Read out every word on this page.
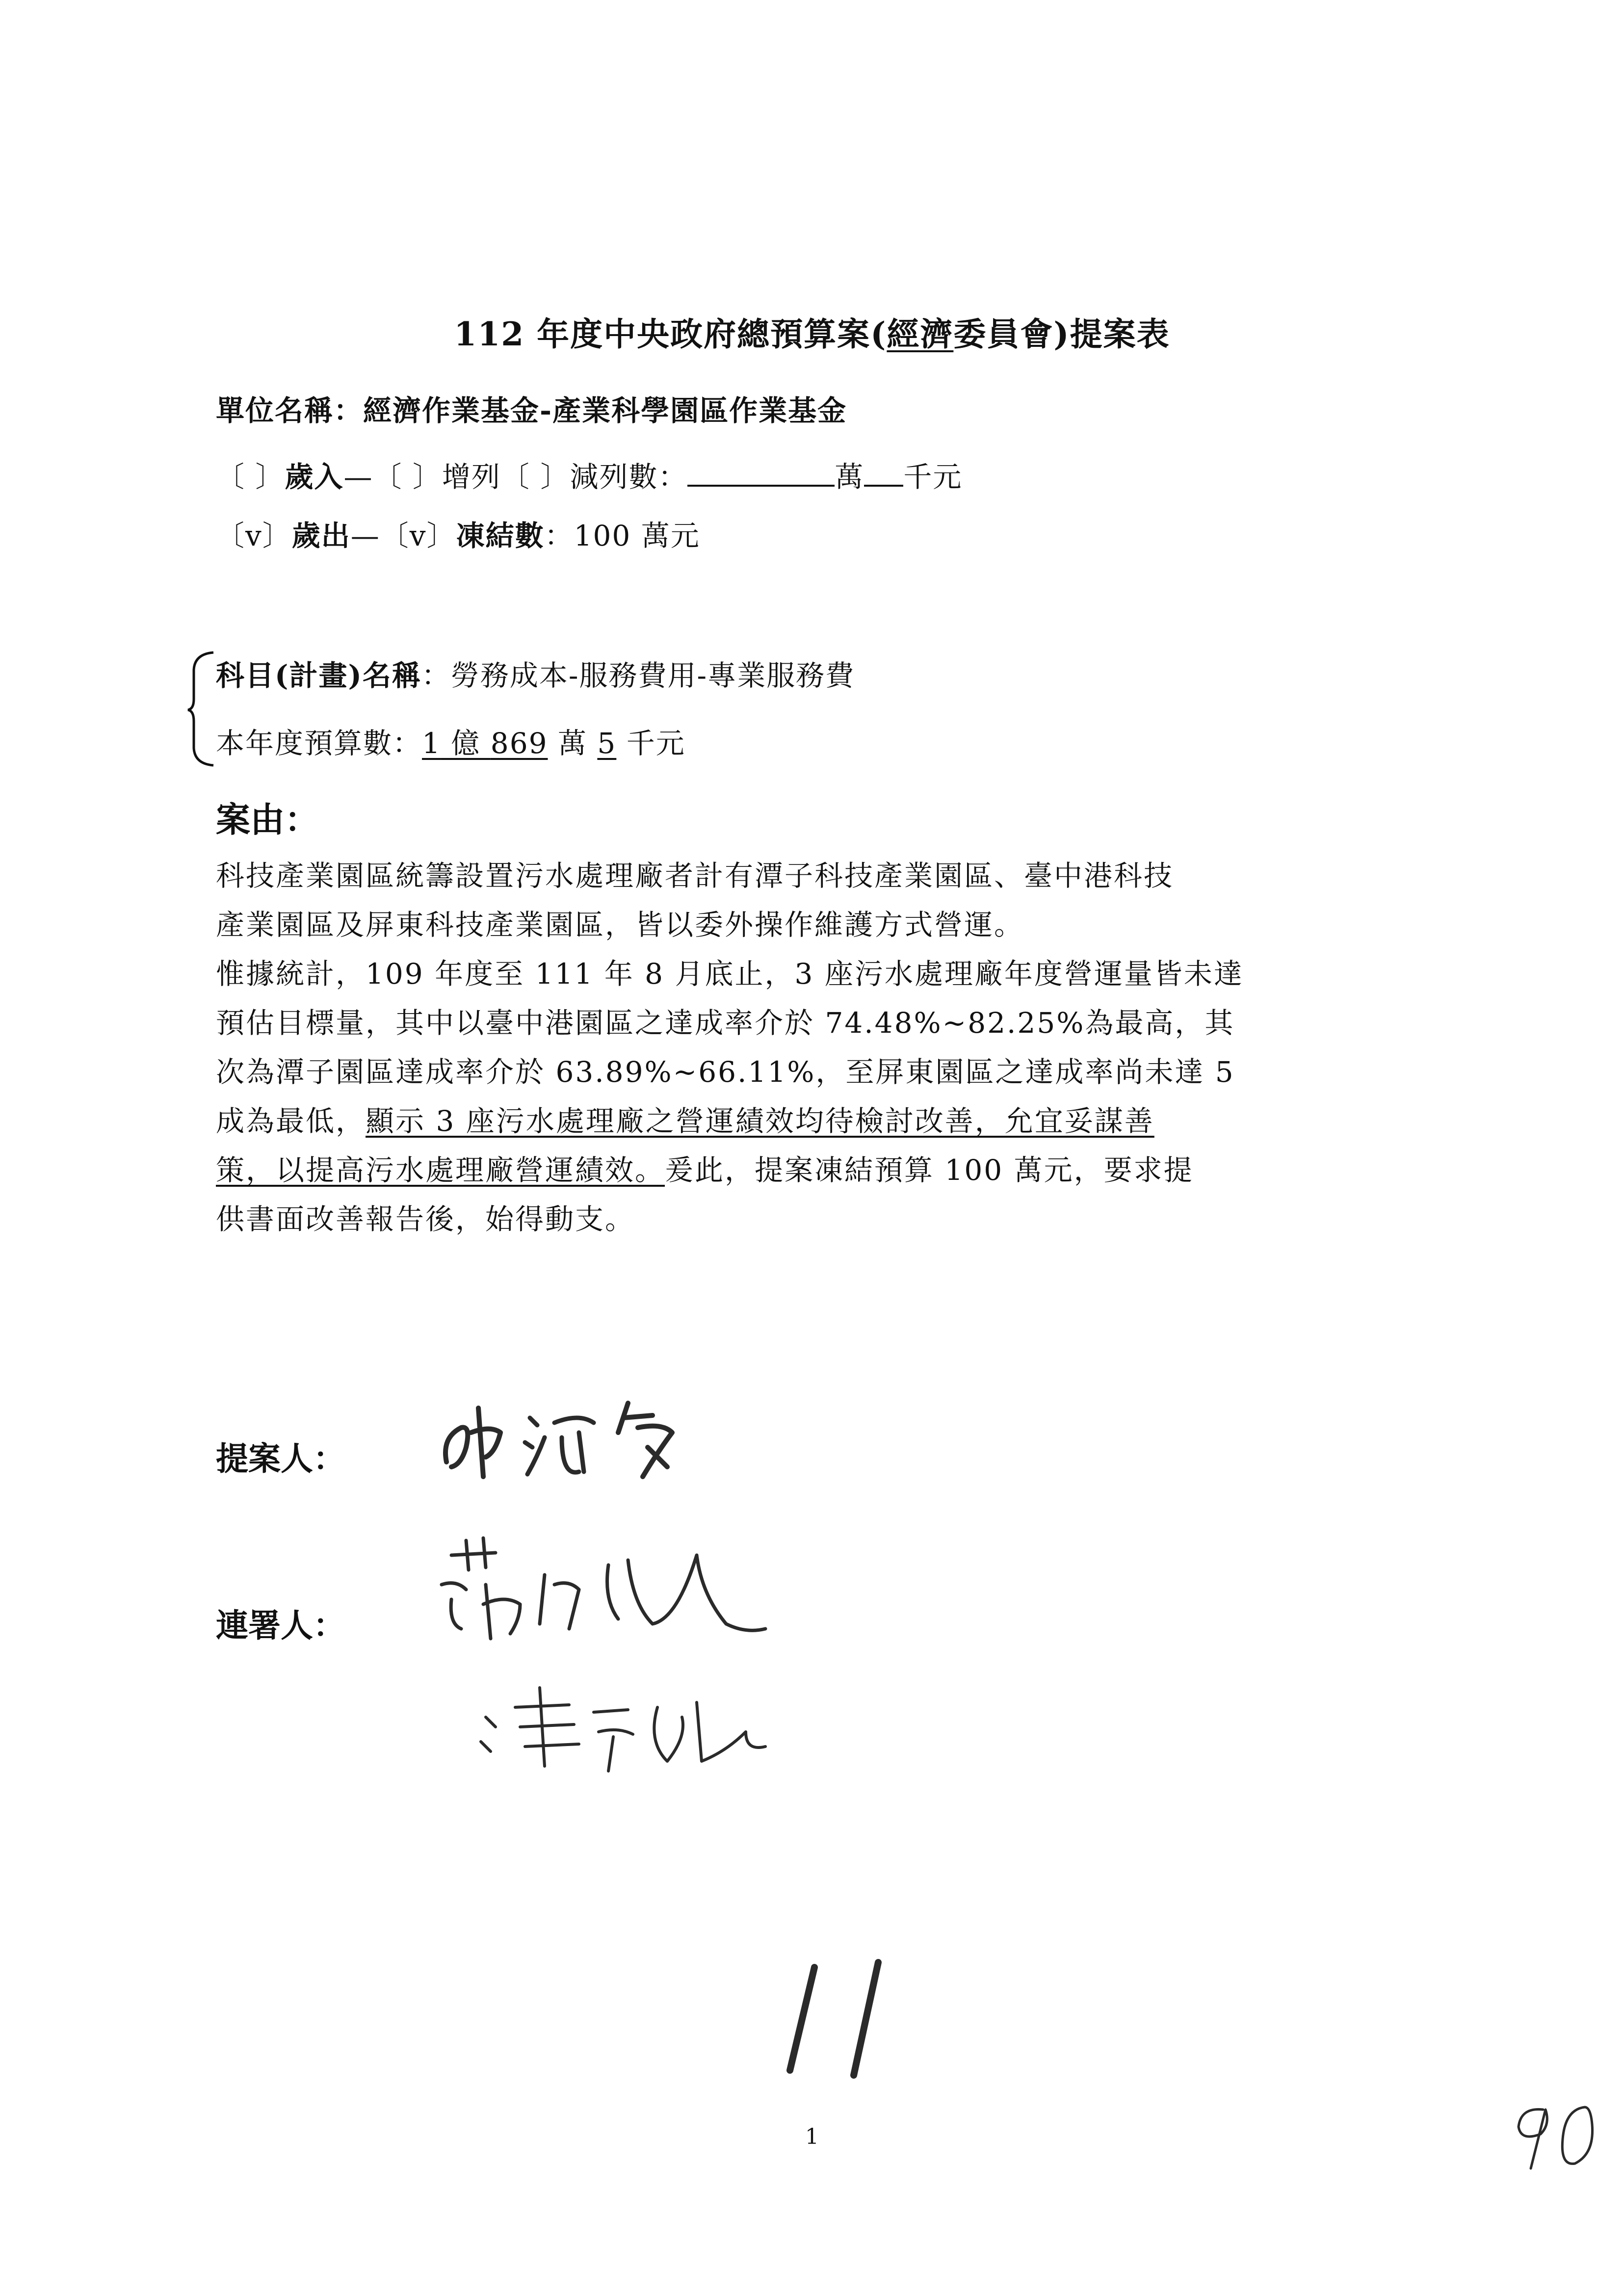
112 年度中央政府總預算案(經濟委員會)提案表
單位名稱：經濟作業基金-產業科學園區作業基金
〔 〕歲入—〔 〕增列〔 〕減列數：	萬 千元
〔v〕歲出—〔v〕凍結數：100 萬元
科目(計畫)名稱：勞務成本-服務費用-專業服務費
本年度預算數：1 億 869 萬 5 千元
案由：
科技產業園區統籌設置污水處理廠者計有潭子科技產業園區、臺中港科技
產業園區及屏東科技產業園區，皆以委外操作維護方式營運。
惟據統計，109 年度至 111 年 8 月底止，3 座污水處理廠年度營運量皆未達
預估目標量，其中以臺中港園區之達成率介於 74.48%~82.25%為最高，其
次為潭子園區達成率介於 63.89%~66.11%，至屏東園區之達成率尚未達 5
成為最低，顯示 3 座污水處理廠之營運績效均待檢討改善，允宜妥謀善
策，以提高污水處理廠營運績效。爰此，提案凍結預算 100 萬元，要求提
供書面改善報告後，始得動支。
提案人：
連署人：
1
